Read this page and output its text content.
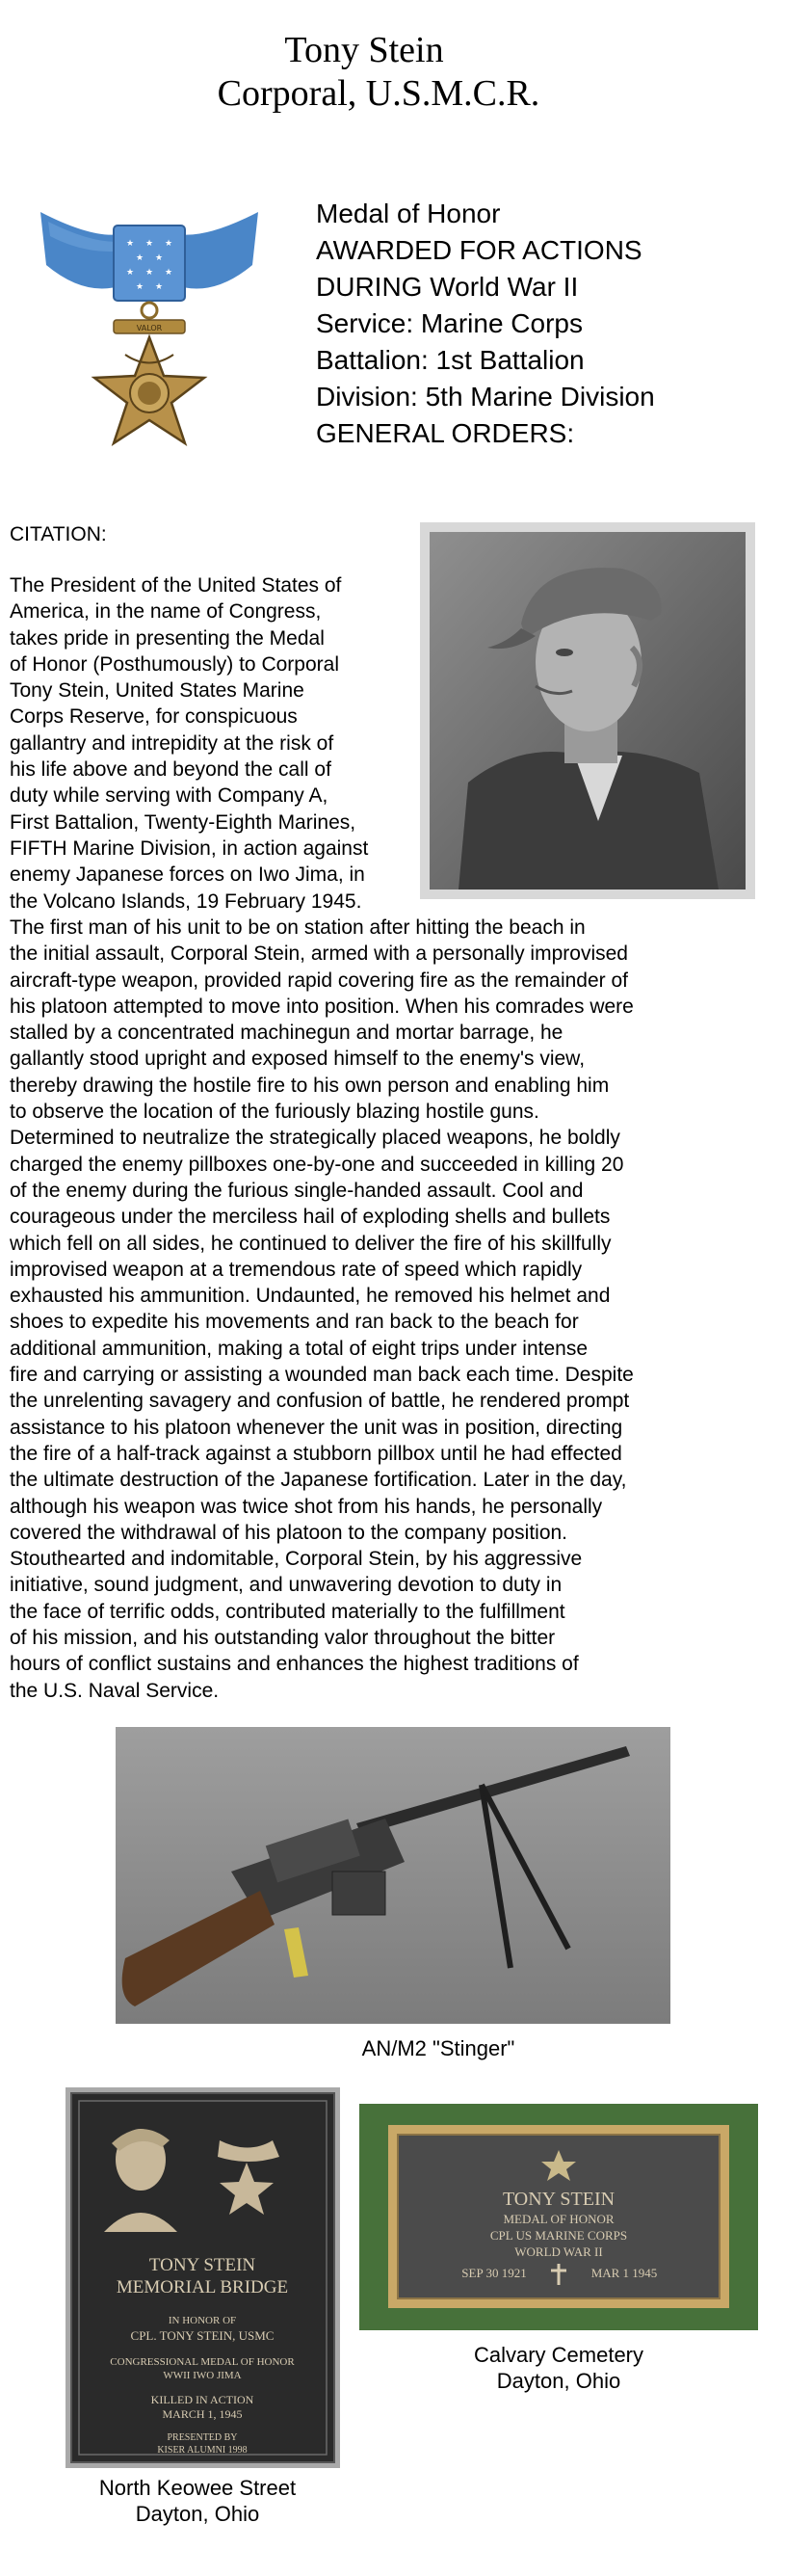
Tony Stein
Corporal, U.S.M.C.R.
★ ★ ★
★ ★
★ ★ ★
★ ★
VALOR
Medal of Honor
AWARDED FOR ACTIONS
DURING World War II
Service: Marine Corps
Battalion: 1st Battalion
Division: 5th Marine Division
GENERAL ORDERS:
CITATION:
The President of the United States of
America, in the name of Congress,
takes pride in presenting the Medal
of Honor (Posthumously) to Corporal
Tony Stein, United States Marine
Corps Reserve, for conspicuous
gallantry and intrepidity at the risk of
his life above and beyond the call of
duty while serving with Company A,
First Battalion, Twenty-Eighth Marines,
FIFTH Marine Division, in action against
enemy Japanese forces on Iwo Jima, in
the Volcano Islands, 19 February 1945.
The first man of his unit to be on station after hitting the beach in
the initial assault, Corporal Stein, armed with a personally improvised
aircraft-type weapon, provided rapid covering fire as the remainder of
his platoon attempted to move into position. When his comrades were
stalled by a concentrated machinegun and mortar barrage, he
gallantly stood upright and exposed himself to the enemy's view,
thereby drawing the hostile fire to his own person and enabling him
to observe the location of the furiously blazing hostile guns.
Determined to neutralize the strategically placed weapons, he boldly
charged the enemy pillboxes one-by-one and succeeded in killing 20
of the enemy during the furious single-handed assault. Cool and
courageous under the merciless hail of exploding shells and bullets
which fell on all sides, he continued to deliver the fire of his skillfully
improvised weapon at a tremendous rate of speed which rapidly
exhausted his ammunition. Undaunted, he removed his helmet and
shoes to expedite his movements and ran back to the beach for
additional ammunition, making a total of eight trips under intense
fire and carrying or assisting a wounded man back each time. Despite
the unrelenting savagery and confusion of battle, he rendered prompt
assistance to his platoon whenever the unit was in position, directing
the fire of a half-track against a stubborn pillbox until he had effected
the ultimate destruction of the Japanese fortification. Later in the day,
although his weapon was twice shot from his hands, he personally
covered the withdrawal of his platoon to the company position.
Stouthearted and indomitable, Corporal Stein, by his aggressive
initiative, sound judgment, and unwavering devotion to duty in
the face of terrific odds, contributed materially to the fulfillment
of his mission, and his outstanding valor throughout the bitter
hours of conflict sustains and enhances the highest traditions of
the U.S. Naval Service.
AN/M2 "Stinger"
TONY STEIN
MEMORIAL BRIDGE
IN HONOR OF
CPL. TONY STEIN, USMC
CONGRESSIONAL MEDAL OF HONOR
WWII IWO JIMA
KILLED IN ACTION
MARCH 1, 1945
PRESENTED BY
KISER ALUMNI 1998
North Keowee Street
Dayton, Ohio
TONY STEIN
MEDAL OF HONOR
CPL US MARINE CORPS
WORLD WAR II
SEP 30 1921	MAR 1 1945
Calvary Cemetery
Dayton, Ohio
